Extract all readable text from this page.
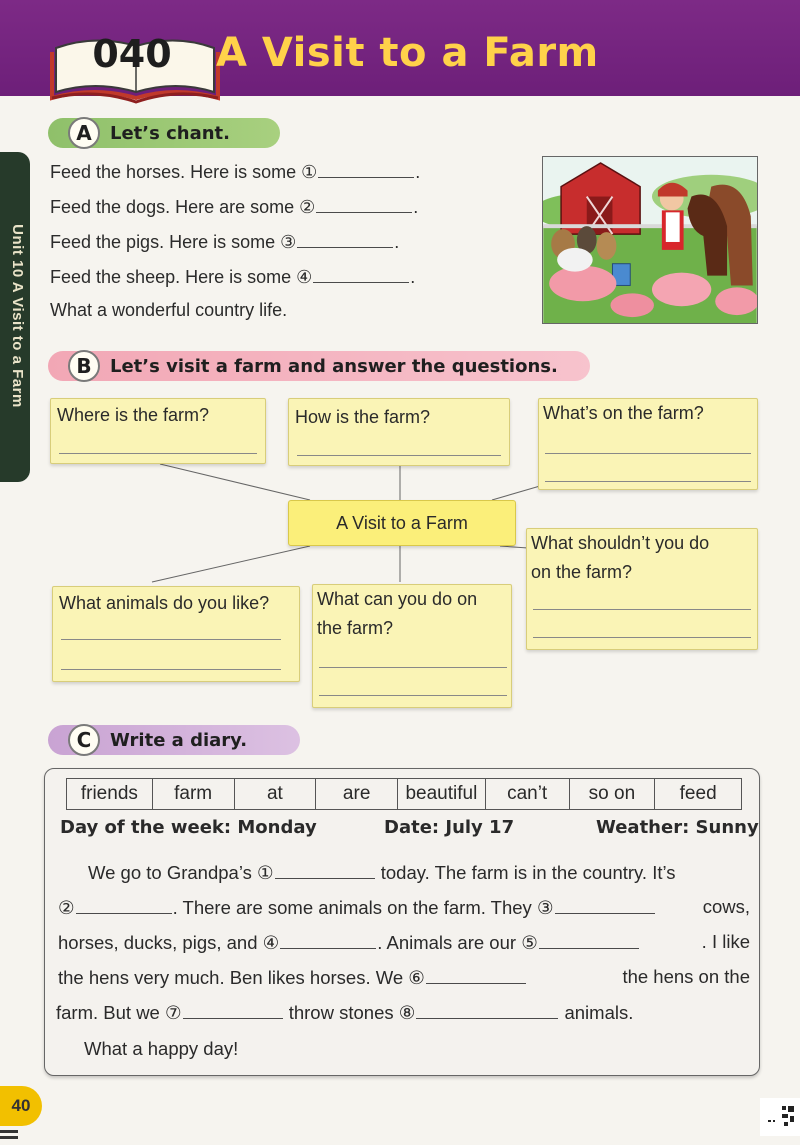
040 A Visit to a Farm
Unit 10 A Visit to a Farm
A	Let’s chant.
Feed the horses. Here is some ①	.
Feed the dogs. Here are some ②	.
Feed the pigs. Here is some ③	.
Feed the sheep. Here is some ④	.
What a wonderful country life.
B	Let’s visit a farm and answer the questions.
Where is the farm?	How is the farm?	What’s on the farm?
A Visit to a Farm
What shouldn’t you do
on the farm?
What animals do you like?	What can you do on
the farm?
C	Write a diary.
friends	farm	at	are	beautiful	can’t	so on	feed
Day of the week: Monday	Date: July 17	Weather: Sunny
We go to Grandpa’s ①	today. The farm is in the country. It’s
②	. There are some animals on the farm. They ③	cows,
horses, ducks, pigs, and ④	. Animals are our ⑤	. I like
the hens very much. Ben likes horses. We ⑥	the hens on the
farm. But we ⑦	throw stones ⑧	animals.
What a happy day!
40
